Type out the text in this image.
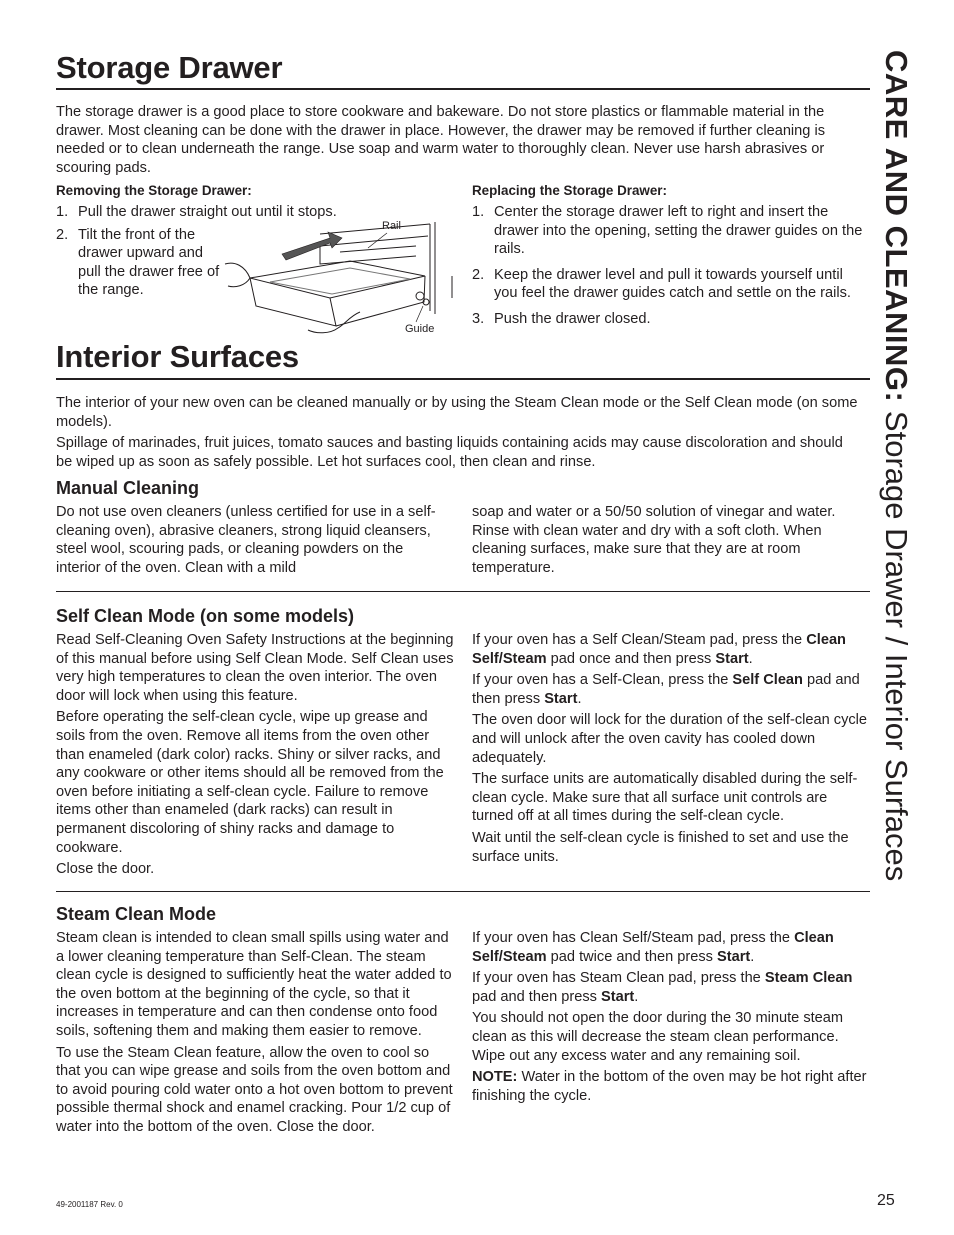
Storage Drawer

The storage drawer is a good place to store cookware and bakeware. Do not store plastics or flammable material in the drawer. Most cleaning can be done with the drawer in place. However, the drawer may be removed if further cleaning is needed or to clean underneath the range. Use soap and warm water to thoroughly clean. Never use harsh abrasives or scouring pads.

Removing the Storage Drawer:

1. Pull the drawer straight out until it stops.
2. Tilt the front of the drawer upward and pull the drawer free of the range.
Rail
Guide

Replacing the Storage Drawer:

1. Center the storage drawer left to right and insert the drawer into the opening, setting the drawer guides on the rails.
2. Keep the drawer level and pull it towards yourself until you feel the drawer guides catch and settle on the rails.
3. Push the drawer closed.
Interior Surfaces

The interior of your new oven can be cleaned manually or by using the Steam Clean mode or the Self Clean mode (on some models).

Spillage of marinades, fruit juices, tomato sauces and basting liquids containing acids may cause discoloration and should be wiped up as soon as safely possible. Let hot surfaces cool, then clean and rinse.

Manual Cleaning

Do not use oven cleaners (unless certified for use in a self-cleaning oven), abrasive cleaners, strong liquid cleansers, steel wool, scouring pads, or cleaning powders on the interior of the oven. Clean with a mild

soap and water or a 50/50 solution of vinegar and water. Rinse with clean water and dry with a soft cloth. When cleaning surfaces, make sure that they are at room temperature.

Self Clean Mode (on some models)

Read Self-Cleaning Oven Safety Instructions at the beginning of this manual before using Self Clean Mode. Self Clean uses very high temperatures to clean the oven interior. The oven door will lock when using this feature.

Before operating the self-clean cycle, wipe up grease and soils from the oven. Remove all items from the oven other than enameled (dark color) racks. Shiny or silver racks, and any cookware or other items should all be removed from the oven before initiating a self-clean cycle. Failure to remove items other than enameled (dark racks) can result in permanent discoloring of shiny racks and damage to cookware.

Close the door.

If your oven has a Self Clean/Steam pad, press the Clean Self/Steam pad once and then press Start.

If your oven has a Self-Clean, press the Self Clean pad and then press Start.

The oven door will lock for the duration of the self-clean cycle and will unlock after the oven cavity has cooled down adequately.

The surface units are automatically disabled during the self-clean cycle. Make sure that all surface unit controls are turned off at all times during the self-clean cycle.

Wait until the self-clean cycle is finished to set and use the surface units.

Steam Clean Mode

Steam clean is intended to clean small spills using water and a lower cleaning temperature than Self-Clean. The steam clean cycle is designed to sufficiently heat the water added to the oven bottom at the beginning of the cycle, so that it increases in temperature and can then condense onto food soils, softening them and making them easier to remove.

To use the Steam Clean feature, allow the oven to cool so that you can wipe grease and soils from the oven bottom and to avoid pouring cold water onto a hot oven bottom to prevent possible thermal shock and enamel cracking. Pour 1/2 cup of water into the bottom of the oven. Close the door.

If your oven has Clean Self/Steam pad, press the Clean Self/Steam pad twice and then press Start.

If your oven has Steam Clean pad, press the Steam Clean pad and then press Start.

You should not open the door during the 30 minute steam clean as this will decrease the steam clean performance. Wipe out any excess water and any remaining soil.

NOTE: Water in the bottom of the oven may be hot right after finishing the cycle.

CARE AND CLEANING: Storage Drawer / Interior Surfaces
49-2001187 Rev. 0	25
